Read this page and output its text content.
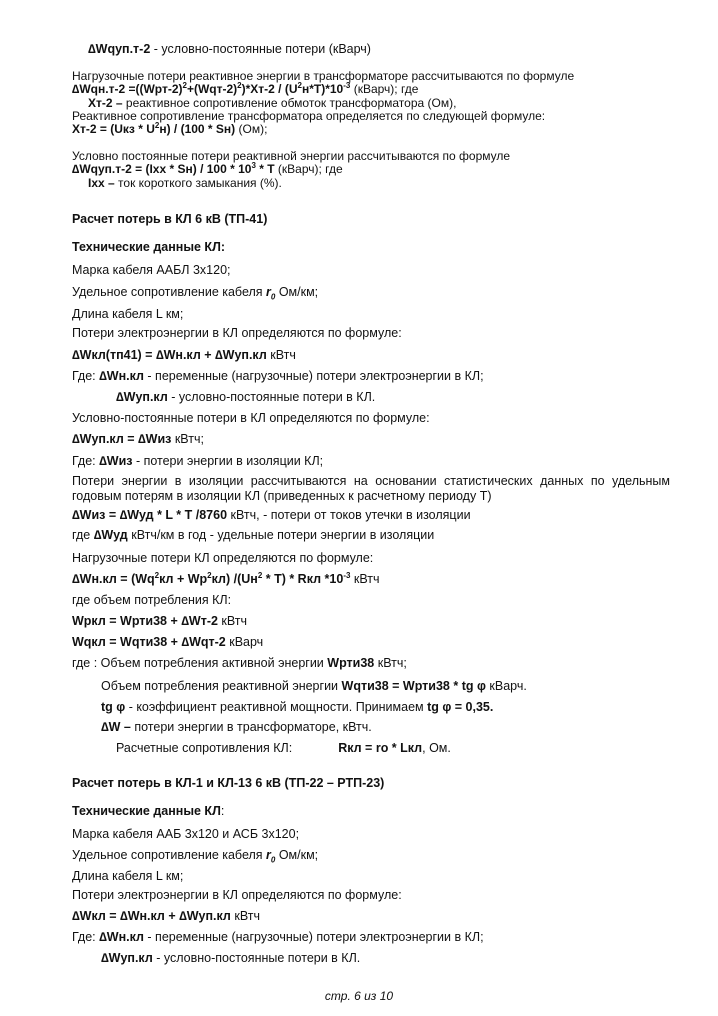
∆Wqуп.т-2 - условно-постоянные потери (кВарч)

Нагрузочные потери реактивное энергии в трансформаторе рассчитываются по формуле

$\Delta Wqн.т-2 =((Wрт-2)^2+(Wqт-2)^2)*Хт-2 / (U^2н*T)*10^{-3}$ (кВарч); где

Хт-2 – реактивное сопротивление обмоток трансформатора (Ом),

Реактивное сопротивление трансформатора определяется по следующей формуле:

$Хт-2 = (Uкз * U^2н) / (100 * Sн)$ (Ом);

Условно постоянные потери реактивной энергии рассчитываются по формуле

∆Wqуп.т-2 = $(Iхх * Sн) / 100 * 10^3$ * Т (кВарч); где

Iхх – ток короткого замыкания (%).

Расчет потерь в КЛ 6 кВ (ТП-41)

Технические данные КЛ:

Марка кабеля ААБЛ 3х120;

Удельное сопротивление кабеля $r_0$ Ом/км;

Длина кабеля L км;

Потери электроэнергии в КЛ определяются по формуле:

∆Wкл(тп41) = ∆Wн.кл + ∆Wуп.кл кВтч

Где: ∆Wн.кл - переменные (нагрузочные) потери электроэнергии в КЛ;

∆Wуп.кл - условно-постоянные потери в КЛ.

Условно-постоянные потери в КЛ определяются по формуле:

∆Wуп.кл = ∆Wиз кВтч;

Где: ∆Wиз - потери энергии в изоляции КЛ;

Потери энергии в изоляции рассчитываются на основании статистических данных по удельным годовым потерям в изоляции КЛ (приведенных к расчетному периоду Т)

∆Wиз = ∆Wуд * L * Т /8760 кВтч, - потери от токов утечки в изоляции

где ∆Wуд кВтч/км в год - удельные потери энергии в изоляции

Нагрузочные потери КЛ определяются по формуле:

$\Delta Wн.кл = (Wq^2кл + Wр^2кл)$ $/(Uн^2 * Т)$ * Rкл $*10^{-3}$ кВтч

где объем потребления КЛ:

Wркл = Wрти38 + ∆Wт-2 кВтч

Wqкл = Wqти38 + ∆Wqт-2 кВарч

где : Объем потребления активной энергии Wрти38 кВтч;

Объем потребления реактивной энергии Wqти38 = Wрти38 * tg φ кВарч.

tg φ - коэффициент реактивной мощности. Принимаем tg φ = 0,35.

∆W – потери энергии в трансформаторе, кВтч.

Расчетные сопротивления КЛ:	Rкл = rо * Lкл, Ом.

Расчет потерь в КЛ-1 и КЛ-13 6 кВ (ТП-22 – РТП-23)

Технические данные КЛ:

Марка кабеля ААБ 3х120 и АСБ 3х120;

Удельное сопротивление кабеля $r_0$ Ом/км;

Длина кабеля L км;

Потери электроэнергии в КЛ определяются по формуле:

∆Wкл = ∆Wн.кл + ∆Wуп.кл кВтч

Где: ∆Wн.кл - переменные (нагрузочные) потери электроэнергии в КЛ;

∆Wуп.кл - условно-постоянные потери в КЛ.

стр. 6 из 10
